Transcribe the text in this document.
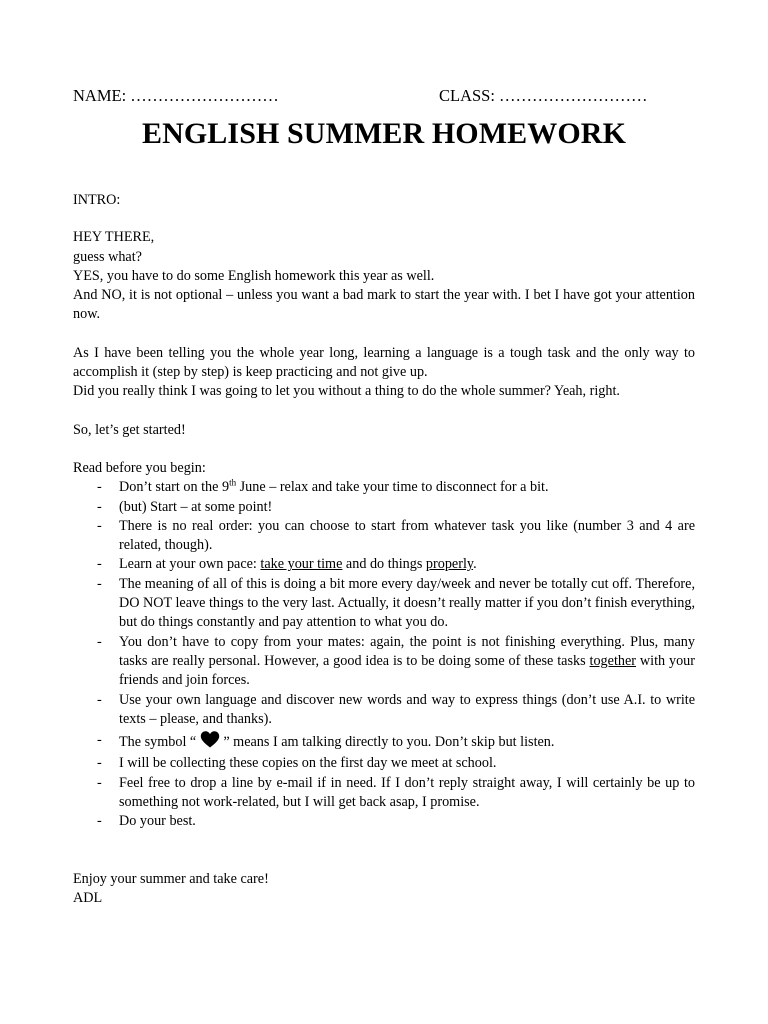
NAME: ………………………	CLASS: ………………………
ENGLISH SUMMER HOMEWORK
INTRO:

HEY THERE,

guess what?

YES, you have to do some English homework this year as well.

And NO, it is not optional – unless you want a bad mark to start the year with. I bet I have got your attention now.

As I have been telling you the whole year long, learning a language is a tough task and the only way to accomplish it (step by step) is keep practicing and not give up.

Did you really think I was going to let you without a thing to do the whole summer? Yeah, right.

So, let’s get started!

Read before you begin:

- Don’t start on the 9th June – relax and take your time to disconnect for a bit.
- (but) Start – at some point!
- There is no real order: you can choose to start from whatever task you like (number 3 and 4 are related, though).
- Learn at your own pace: take your time and do things properly.
- The meaning of all of this is doing a bit more every day/week and never be totally cut off. Therefore, DO NOT leave things to the very last. Actually, it doesn’t really matter if you don’t finish everything, but do things constantly and pay attention to what you do.
- You don’t have to copy from your mates: again, the point is not finishing everything. Plus, many tasks are really personal. However, a good idea is to be doing some of these tasks together with your friends and join forces.
- Use your own language and discover new words and way to express things (don’t use A.I. to write texts – please, and thanks).
- The symbol “  ” means I am talking directly to you. Don’t skip but listen.
- I will be collecting these copies on the first day we meet at school.
- Feel free to drop a line by e-mail if in need. If I don’t reply straight away, I will certainly be up to something not work-related, but I will get back asap, I promise.
- Do your best.

Enjoy your summer and take care!

ADL
